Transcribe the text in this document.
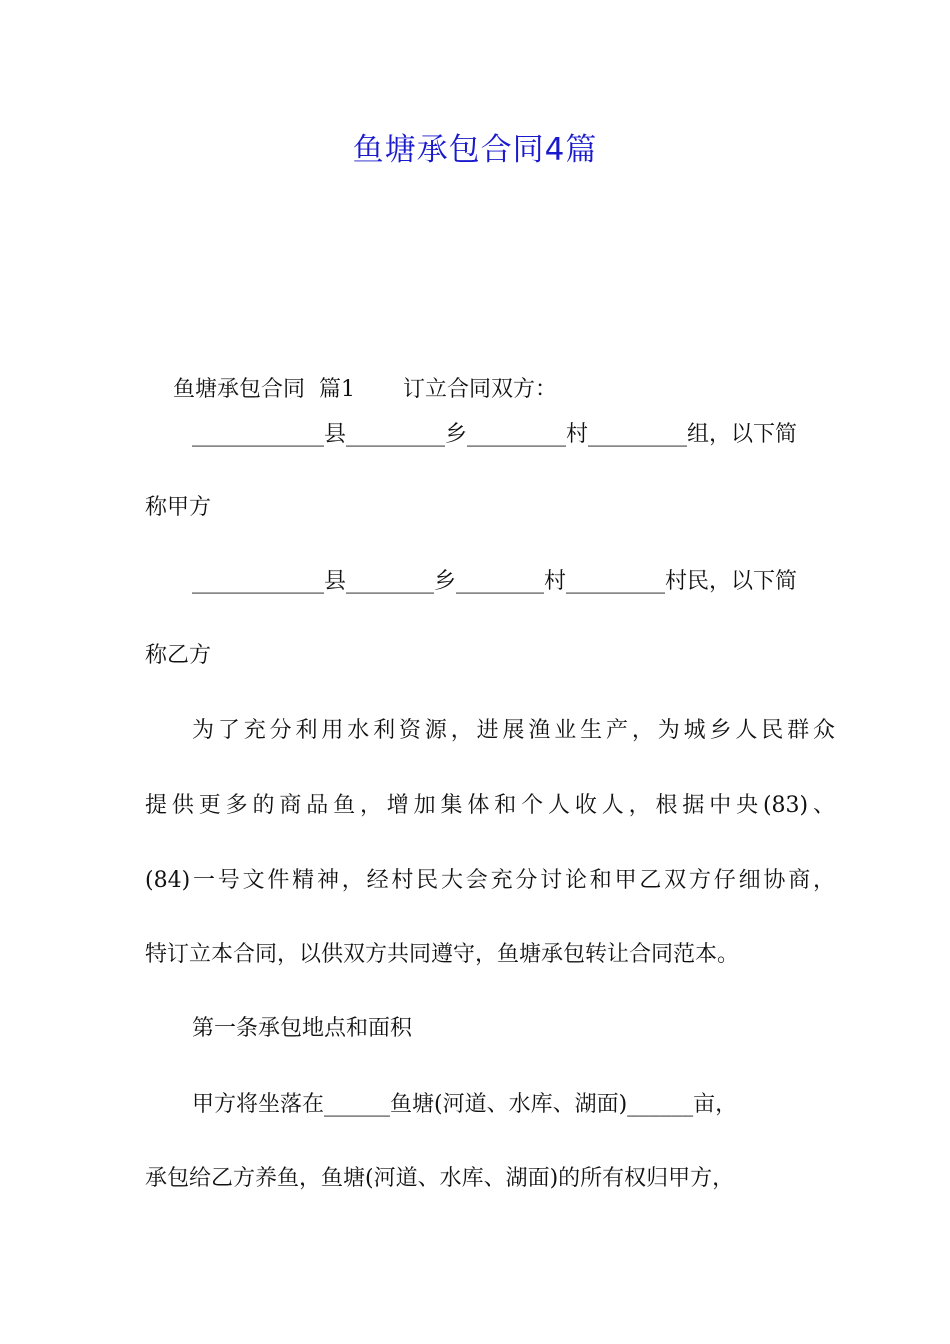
鱼塘承包合同4篇

鱼塘承包合同  篇1 订立合同双方：

____________县_________乡_________村_________组，以下简
称甲方
____________县________乡________村_________村民，以下简
称乙方
为了充分利用水利资源，进展渔业生产，为城乡人民群众
提供更多的商品鱼，增加集体和个人收人，根据中央(83)、
(84)一号文件精神，经村民大会充分讨论和甲乙双方仔细协商，
特订立本合同，以供双方共同遵守，鱼塘承包转让合同范本。
第一条承包地点和面积
甲方将坐落在______鱼塘(河道、水库、湖面)______亩，
承包给乙方养鱼，鱼塘(河道、水库、湖面)的所有权归甲方，
